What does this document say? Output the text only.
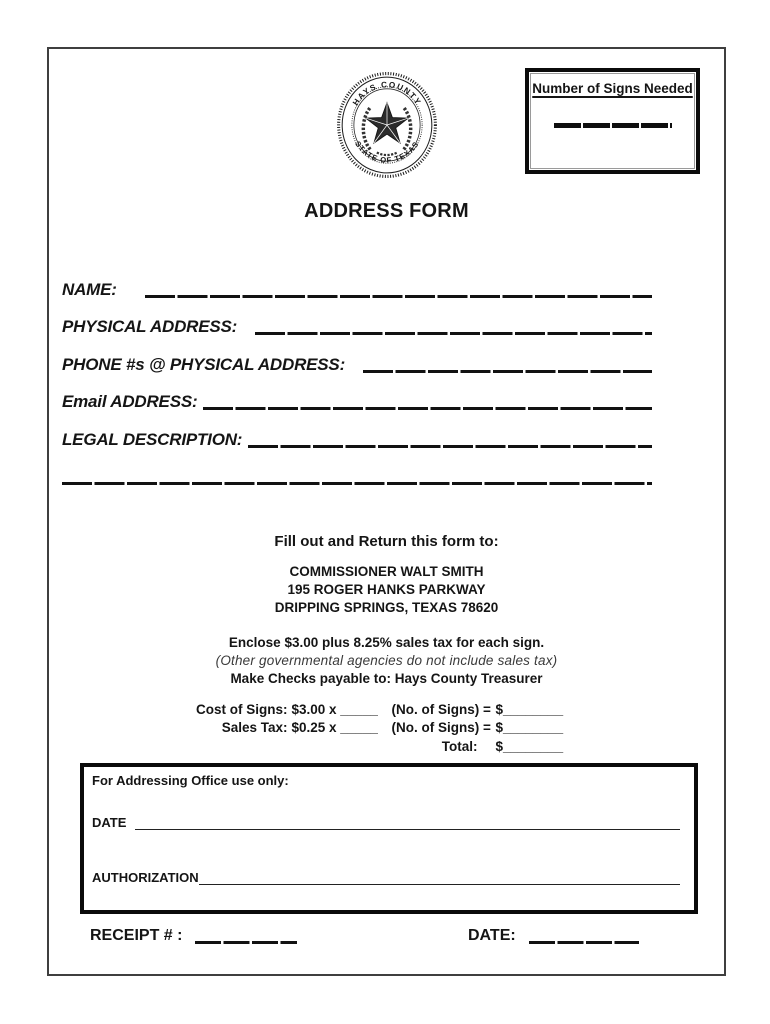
HAYS COUNTY
STATE OF TEXAS
Number of Signs Needed
ADDRESS FORM
NAME:
PHYSICAL ADDRESS:
PHONE #s @ PHYSICAL ADDRESS:
Email ADDRESS:
LEGAL DESCRIPTION:
Fill out and Return this form to:
COMMISSIONER WALT SMITH
195 ROGER HANKS PARKWAY
DRIPPING SPRINGS, TEXAS 78620
Enclose $3.00 plus 8.25% sales tax for each sign.
(Other governmental agencies do not include sales tax)
Make Checks payable to: Hays County Treasurer
Cost of Signs: $3.00 x _____	(No. of Signs) = $________
Sales Tax: $0.25 x _____	(No. of Signs) = $________
Total:	$________
For Addressing Office use only:
DATE
AUTHORIZATION
RECEIPT # :	DATE:
